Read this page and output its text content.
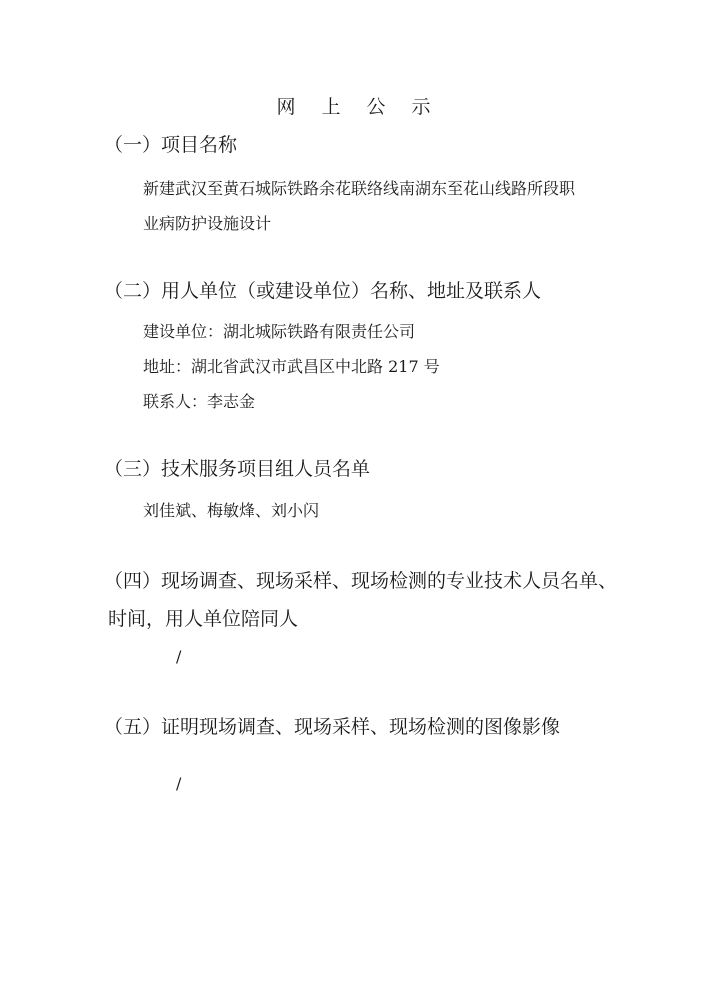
网 上 公 示
（一）项目名称
新建武汉至黄石城际铁路余花联络线南湖东至花山线路所段职
业病防护设施设计
（二）用人单位（或建设单位）名称、地址及联系人
建设单位：湖北城际铁路有限责任公司
地址：湖北省武汉市武昌区中北路 217 号
联系人：李志金
（三）技术服务项目组人员名单
刘佳斌、梅敏烽、刘小闪
（四）现场调查、现场采样、现场检测的专业技术人员名单、
时间，用人单位陪同人
/
（五）证明现场调查、现场采样、现场检测的图像影像
/
